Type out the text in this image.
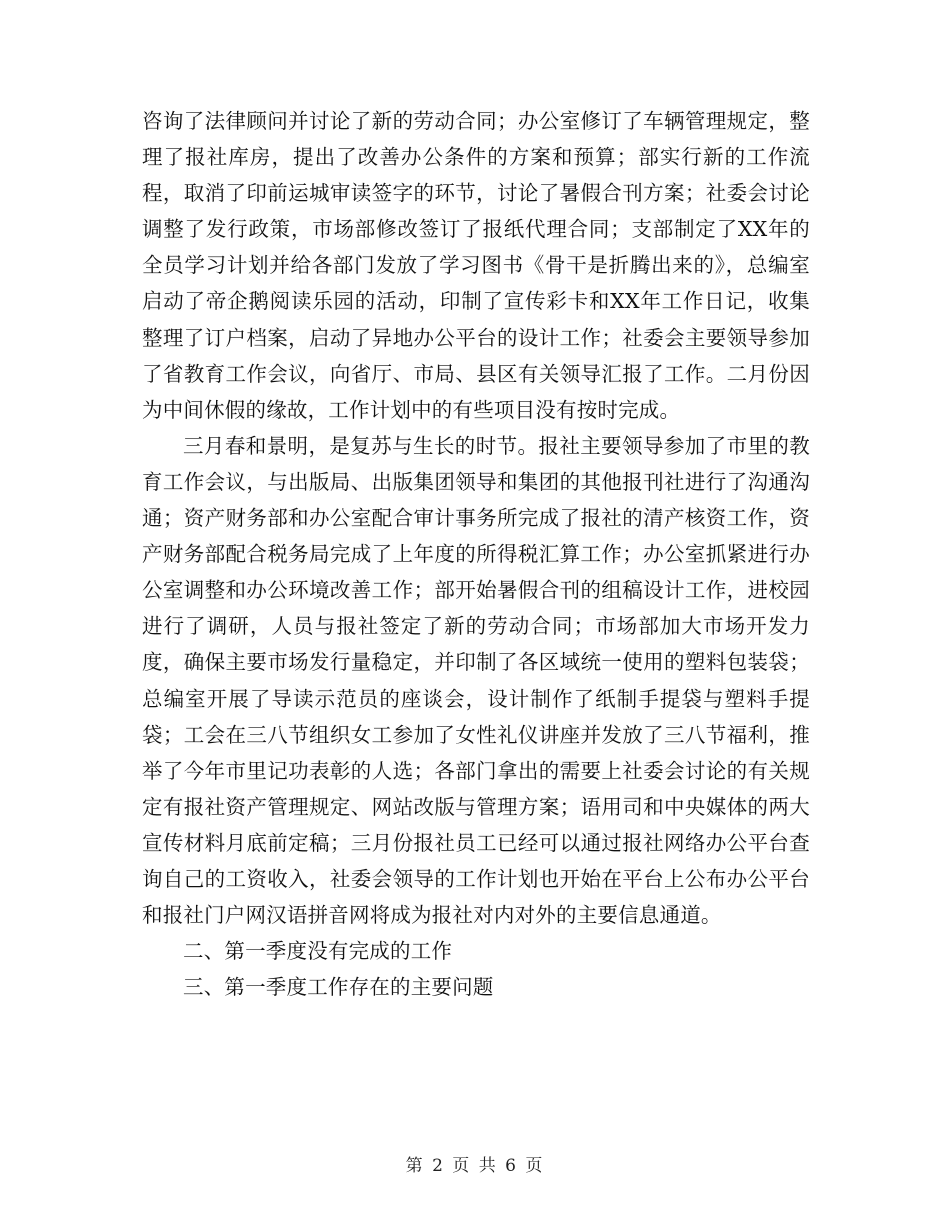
咨询了法律顾问并讨论了新的劳动合同；办公室修订了车辆管理规定，整理了报社库房，提出了改善办公条件的方案和预算；部实行新的工作流程，取消了印前运城审读签字的环节，讨论了暑假合刊方案；社委会讨论调整了发行政策，市场部修改签订了报纸代理合同；支部制定了XX年的全员学习计划并给各部门发放了学习图书《骨干是折腾出来的》，总编室启动了帝企鹅阅读乐园的活动，印制了宣传彩卡和XX年工作日记，收集整理了订户档案，启动了异地办公平台的设计工作；社委会主要领导参加了省教育工作会议，向省厅、市局、县区有关领导汇报了工作。二月份因为中间休假的缘故，工作计划中的有些项目没有按时完成。

三月春和景明，是复苏与生长的时节。报社主要领导参加了市里的教育工作会议，与出版局、出版集团领导和集团的其他报刊社进行了沟通沟通；资产财务部和办公室配合审计事务所完成了报社的清产核资工作，资产财务部配合税务局完成了上年度的所得税汇算工作；办公室抓紧进行办公室调整和办公环境改善工作；部开始暑假合刊的组稿设计工作，进校园进行了调研，人员与报社签定了新的劳动合同；市场部加大市场开发力度，确保主要市场发行量稳定，并印制了各区域统一使用的塑料包装袋；总编室开展了导读示范员的座谈会，设计制作了纸制手提袋与塑料手提袋；工会在三八节组织女工参加了女性礼仪讲座并发放了三八节福利，推举了今年市里记功表彰的人选；各部门拿出的需要上社委会讨论的有关规定有报社资产管理规定、网站改版与管理方案；语用司和中央媒体的两大宣传材料月底前定稿；三月份报社员工已经可以通过报社网络办公平台查询自己的工资收入，社委会领导的工作计划也开始在平台上公布办公平台和报社门户网汉语拼音网将成为报社对内对外的主要信息通道。

二、第一季度没有完成的工作

三、第一季度工作存在的主要问题

第 2 页 共 6 页
